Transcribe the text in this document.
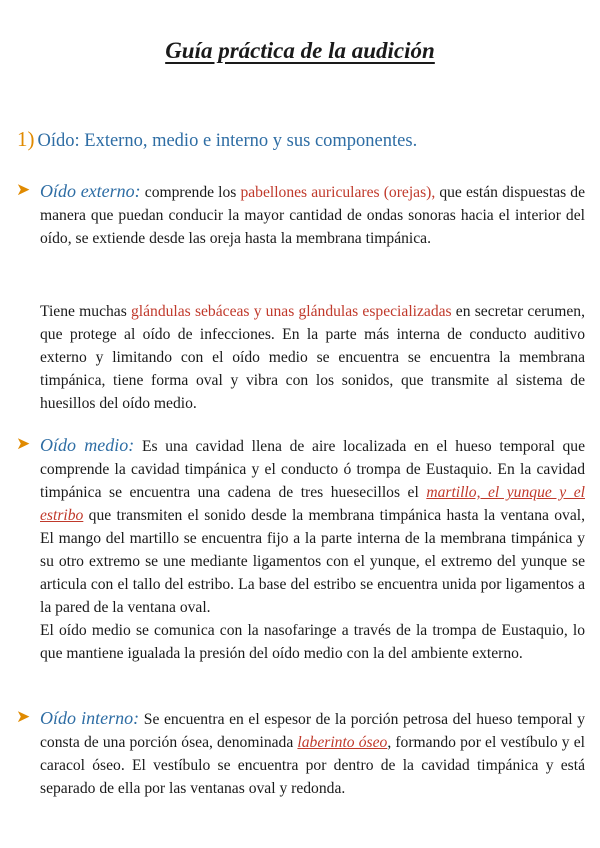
Guía práctica de la audición
1) Oído: Externo, medio e interno y sus componentes.
➤ Oído externo: comprende los pabellones auriculares (orejas), que están dispuestas de manera que puedan conducir la mayor cantidad de ondas sonoras hacia el interior del oído, se extiende desde las oreja hasta la membrana timpánica.

Tiene muchas glándulas sebáceas y unas glándulas especializadas en secretar cerumen, que protege al oído de infecciones. En la parte más interna de conducto auditivo externo y limitando con el oído medio se encuentra se encuentra la membrana timpánica, tiene forma oval y vibra con los sonidos, que transmite al sistema de huesillos del oído medio.

➤ Oído medio: Es una cavidad llena de aire localizada en el hueso temporal que comprende la cavidad timpánica y el conducto ó trompa de Eustaquio. En la cavidad timpánica se encuentra una cadena de tres huesecillos el martillo, el yunque y el estribo que transmiten el sonido desde la membrana timpánica hasta la ventana oval, El mango del martillo se encuentra fijo a la parte interna de la membrana timpánica y su otro extremo se une mediante ligamentos con el yunque, el extremo del yunque se articula con el tallo del estribo. La base del estribo se encuentra unida por ligamentos a la pared de la ventana oval.

El oído medio se comunica con la nasofaringe a través de la trompa de Eustaquio, lo que mantiene igualada la presión del oído medio con la del ambiente externo.

➤ Oído interno: Se encuentra en el espesor de la porción petrosa del hueso temporal y consta de una porción ósea, denominada laberinto óseo, formando por el vestíbulo y el caracol óseo. El vestíbulo se encuentra por dentro de la cavidad timpánica y está separado de ella por las ventanas oval y redonda.
